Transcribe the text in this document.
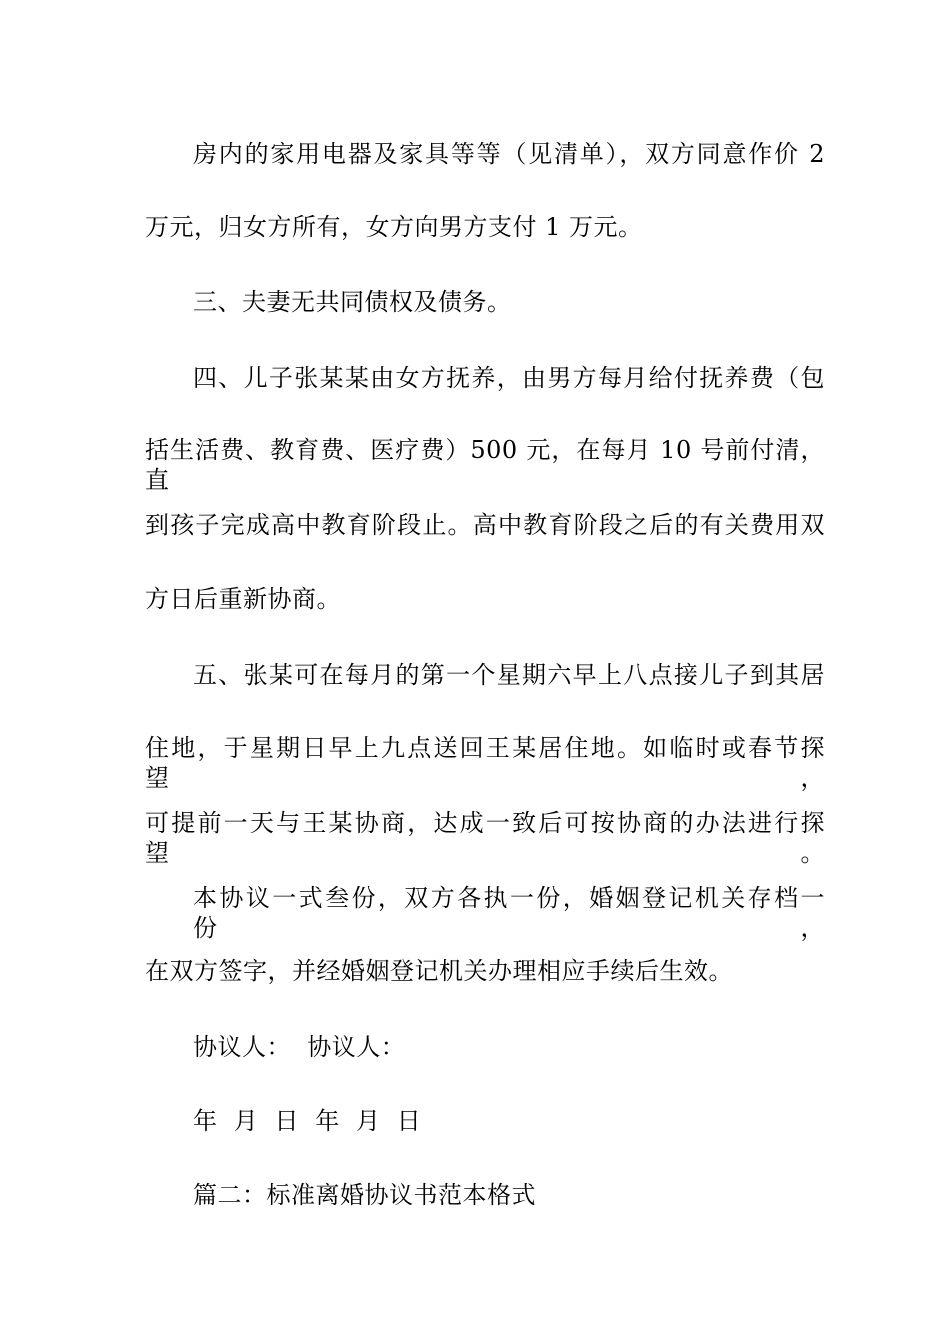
房内的家用电器及家具等等（见清单），双方同意作价 2
万元，归女方所有，女方向男方支付 1 万元。
三、夫妻无共同债权及债务。
四、儿子张某某由女方抚养，由男方每月给付抚养费（包
括生活费、教育费、医疗费）500 元，在每月 10 号前付清，直
到孩子完成高中教育阶段止。高中教育阶段之后的有关费用双
方日后重新协商。
五、张某可在每月的第一个星期六早上八点接儿子到其居
住地，于星期日早上九点送回王某居住地。如临时或春节探望，
可提前一天与王某协商，达成一致后可按协商的办法进行探望。
本协议一式叁份，双方各执一份，婚姻登记机关存档一份，
在双方签字，并经婚姻登记机关办理相应手续后生效。
协议人：  协议人：
年  月  日  年  月  日
篇二：标准离婚协议书范本格式
